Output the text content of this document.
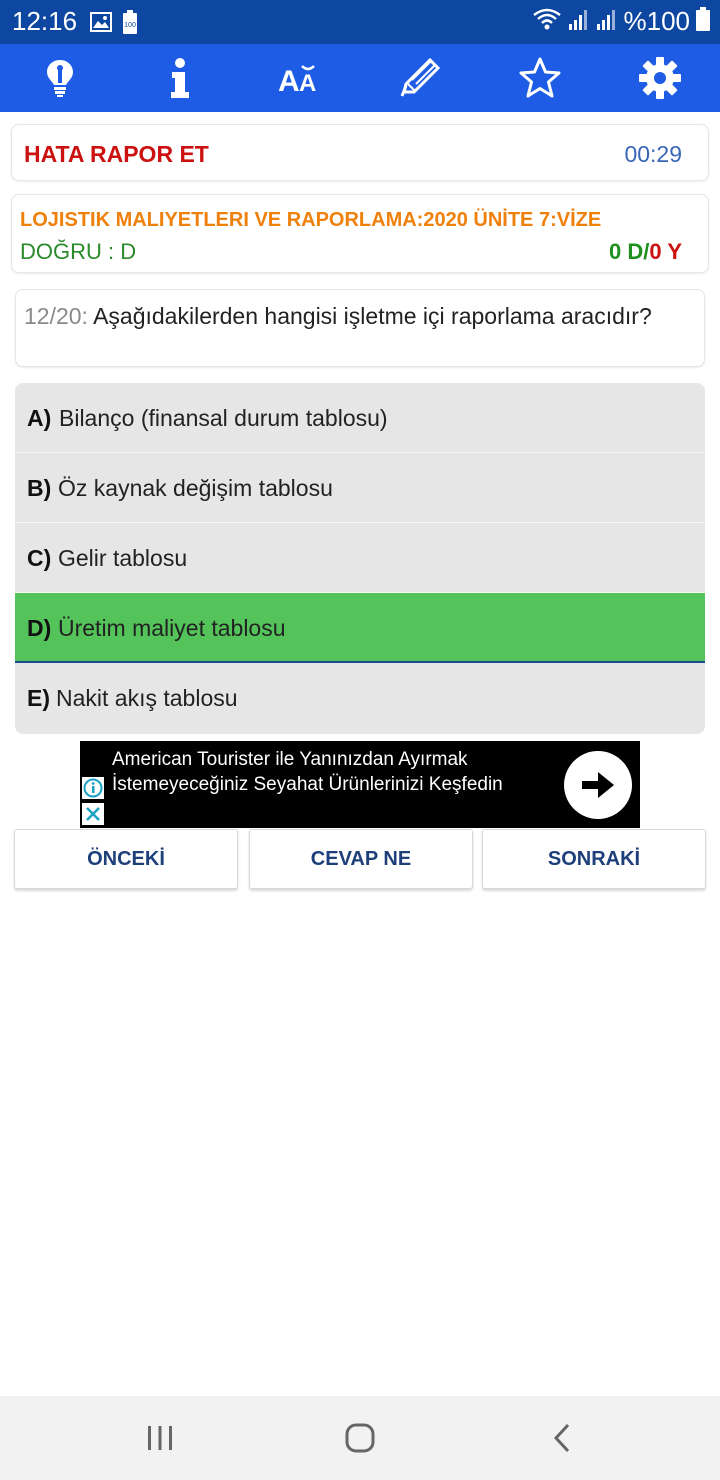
12:16	100	%100
A A
HATA RAPOR ET	00:29
LOJISTIK MALIYETLERI VE RAPORLAMA:2020 ÜNİTE 7:VİZE
DOĞRU : D	0 D/0 Y
12/20: Aşağıdakilerden hangisi işletme içi raporlama aracıdır?
A) Bilanço (finansal durum tablosu)
B) Öz kaynak değişim tablosu
C) Gelir tablosu
D) Üretim maliyet tablosu
E) Nakit akış tablosu
American Tourister ile Yanınızdan Ayırmak İstemeyeceğiniz Seyahat Ürünlerinizi Keşfedin
ÖNCEKİ	CEVAP NE	SONRAKİ
